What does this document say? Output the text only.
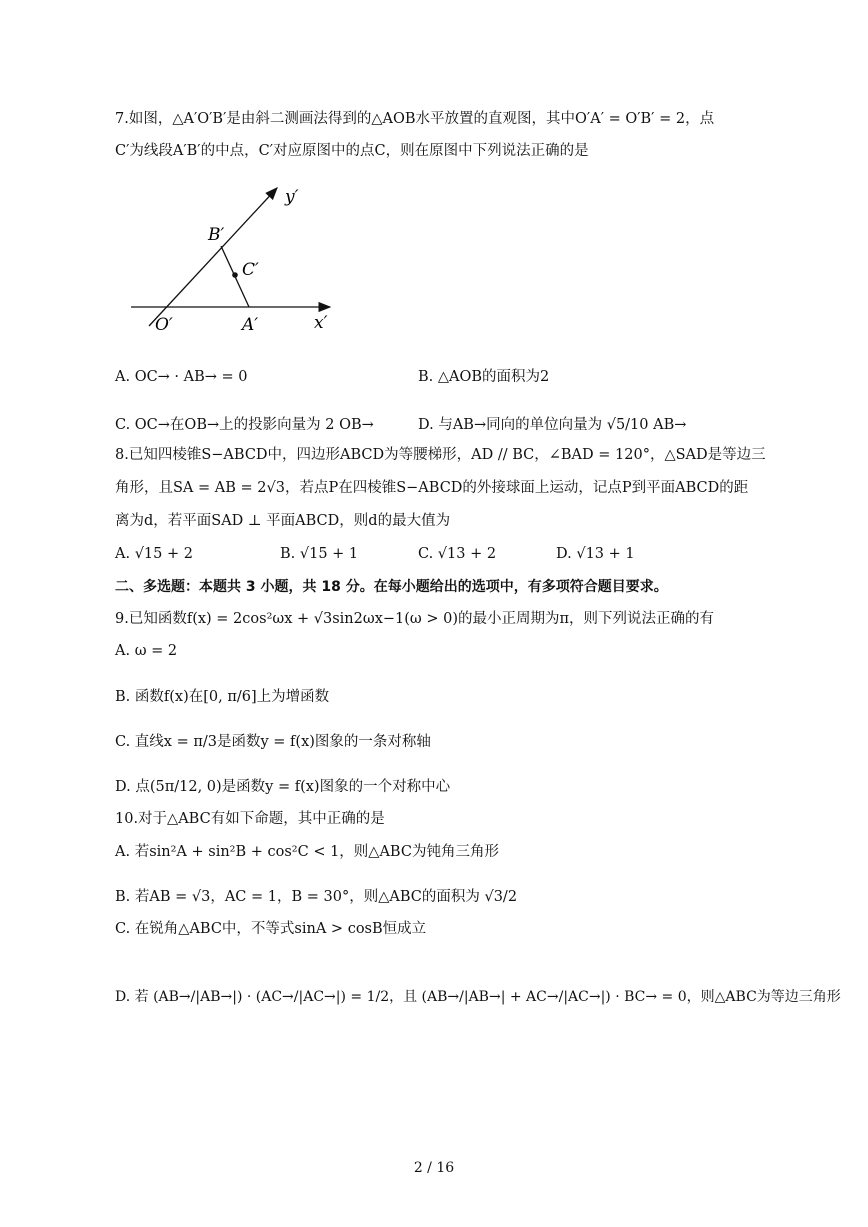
7.如图，△A′O′B′是由斜二测画法得到的△AOB水平放置的直观图，其中O′A′ = O′B′ = 2，点
C′为线段A′B′的中点，C′对应原图中的点C，则在原图中下列说法正确的是
y′
x′
O′	A′
B′
C′
A. OC→ · AB→ = 0	B. △AOB的面积为2
C. OC→在OB→上的投影向量为 2 OB→	D. 与AB→同向的单位向量为 √5/10 AB→
8.已知四棱锥S−ABCD中，四边形ABCD为等腰梯形，AD // BC，∠BAD = 120°，△SAD是等边三
角形，且SA = AB = 2√3，若点P在四棱锥S−ABCD的外接球面上运动，记点P到平面ABCD的距
离为d，若平面SAD ⊥ 平面ABCD，则d的最大值为
A. √15 + 2	B. √15 + 1	C. √13 + 2	D. √13 + 1
二、多选题：本题共 3 小题，共 18 分。在每小题给出的选项中，有多项符合题目要求。
9.已知函数f(x) = 2cos²ωx + √3sin2ωx−1(ω > 0)的最小正周期为π，则下列说法正确的有
A. ω = 2
B. 函数f(x)在[0, π/6]上为增函数
C. 直线x = π/3是函数y = f(x)图象的一条对称轴
D. 点(5π/12, 0)是函数y = f(x)图象的一个对称中心
10.对于△ABC有如下命题，其中正确的是
A. 若sin²A + sin²B + cos²C < 1，则△ABC为钝角三角形
B. 若AB = √3，AC = 1，B = 30°，则△ABC的面积为 √3/2
C. 在锐角△ABC中，不等式sinA > cosB恒成立
D. 若 (AB→/|AB→|) · (AC→/|AC→|) = 1/2，且 (AB→/|AB→| + AC→/|AC→|) · BC→ = 0，则△ABC为等边三角形
2 / 16
